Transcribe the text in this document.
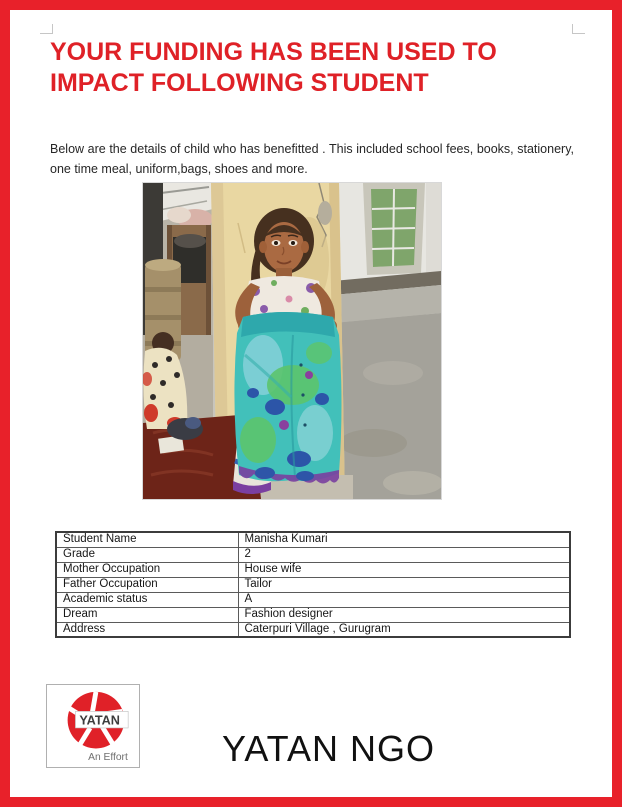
YOUR FUNDING HAS BEEN USED TO IMPACT FOLLOWING STUDENT

Below are the details of child who has benefitted . This included school fees, books, stationery, one time meal, uniform,bags, shoes and more.

Student Name	Manisha Kumari
Grade	2
Mother Occupation	House wife
Father Occupation	Tailor
Academic status	A
Dream	Fashion designer
Address	Caterpuri Village , Gurugram
YATAN
An Effort	YATAN NGO
